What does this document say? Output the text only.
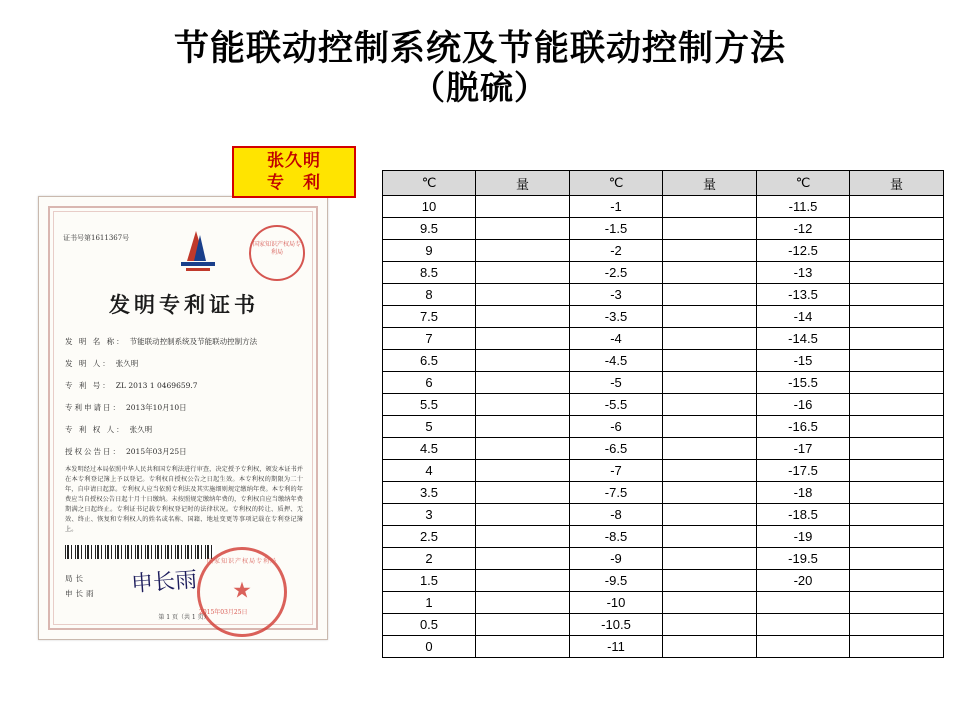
节能联动控制系统及节能联动控制方法
（脱硫）
张久明
专　利
证书号第1611367号
国家知识产权局专利局
发明专利证书
发 明 名 称： 节能联动控制系统及节能联动控制方法
发 明 人： 张久明
专 利 号： ZL 2013 1 0469659.7
专利申请日： 2013年10月10日
专 利 权 人： 张久明
授权公告日： 2015年03月25日
本发明经过本局依照中华人民共和国专利法进行审查，决定授予专利权，颁发本证书并在本专利登记簿上予以登记。专利权自授权公告之日起生效。本专利权的期限为二十年，自申请日起算。专利权人应当依照专利法及其实施细则规定缴纳年费。本专利的年费应当自授权公告日起十月十日缴纳。未按照规定缴纳年费的，专利权自应当缴纳年费期满之日起终止。专利证书记载专利权登记时的法律状况。专利权的转让、质押、无效、终止、恢复和专利权人的姓名或名称、国籍、地址变更等事项记载在专利登记簿上。
局长
申长雨 申长雨
国家知识产权局专利局
★
2015年03月25日
第 1 页（共 1 页）
℃	量	℃	量	℃	量
10		-1		-11.5	
9.5		-1.5		-12	
9		-2		-12.5	
8.5		-2.5		-13	
8		-3		-13.5	
7.5		-3.5		-14	
7		-4		-14.5	
6.5		-4.5		-15	
6		-5		-15.5	
5.5		-5.5		-16	
5		-6		-16.5	
4.5		-6.5		-17	
4		-7		-17.5	
3.5		-7.5		-18	
3		-8		-18.5	
2.5		-8.5		-19	
2		-9		-19.5	
1.5		-9.5		-20	
1		-10			
0.5		-10.5			
0		-11			
